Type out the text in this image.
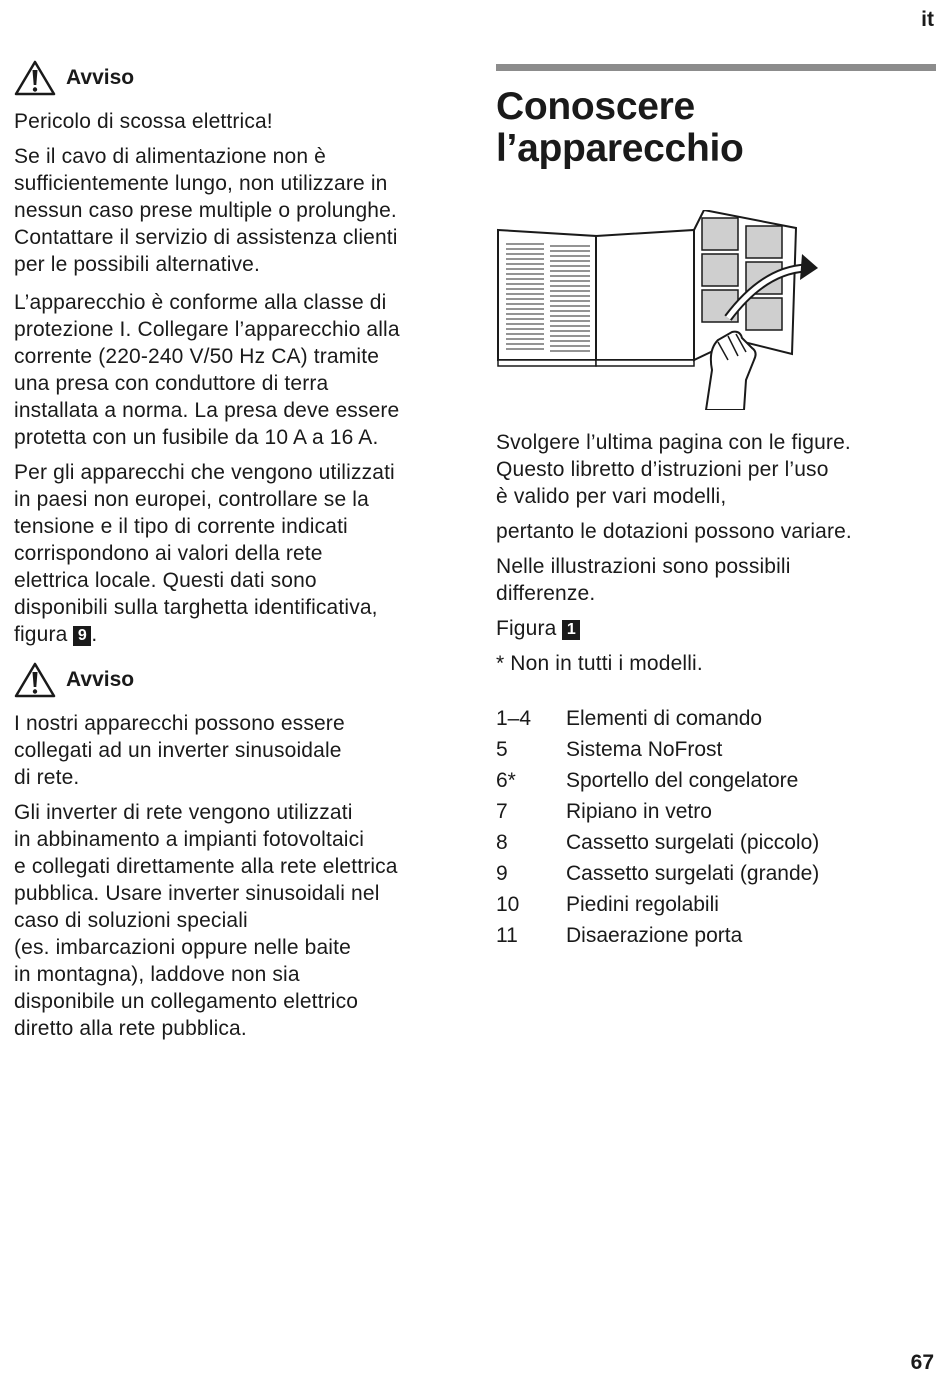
it
Avviso

Pericolo di scossa elettrica!

Se il cavo di alimentazione non è
sufficientemente lungo, non utilizzare in
nessun caso prese multiple o prolunghe.
Contattare il servizio di assistenza clienti
per le possibili alternative.

L’apparecchio è conforme alla classe di
protezione I. Collegare l’apparecchio alla
corrente (220-240 V/50 Hz CA) tramite
una presa con conduttore di terra
installata a norma. La presa deve essere
protetta con un fusibile da 10 A a 16 A.

Per gli apparecchi che vengono utilizzati
in paesi non europei, controllare se la
tensione e il tipo di corrente indicati
corrispondono ai valori della rete
elettrica locale. Questi dati sono
disponibili sulla targhetta identificativa,
figura 9 .

Avviso

I nostri apparecchi possono essere
collegati ad un inverter sinusoidale
di rete.

Gli inverter di rete vengono utilizzati
in abbinamento a impianti fotovoltaici
e collegati direttamente alla rete elettrica
pubblica. Usare inverter sinusoidali nel
caso di soluzioni speciali
(es. imbarcazioni oppure nelle baite
in montagna), laddove non sia
disponibile un collegamento elettrico
diretto alla rete pubblica.

Conoscere
l’apparecchio

Svolgere l’ultima pagina con le figure.
Questo libretto d’istruzioni per l’uso
è valido per vari modelli,

pertanto le dotazioni possono variare.

Nelle illustrazioni sono possibili
differenze.

Figura 1

* Non in tutti i modelli.

1–4	Elementi di comando
5	Sistema NoFrost
6*	Sportello del congelatore
7	Ripiano in vetro
8	Cassetto surgelati (piccolo)
9	Cassetto surgelati (grande)
10	Piedini regolabili
11	Disaerazione porta
67
